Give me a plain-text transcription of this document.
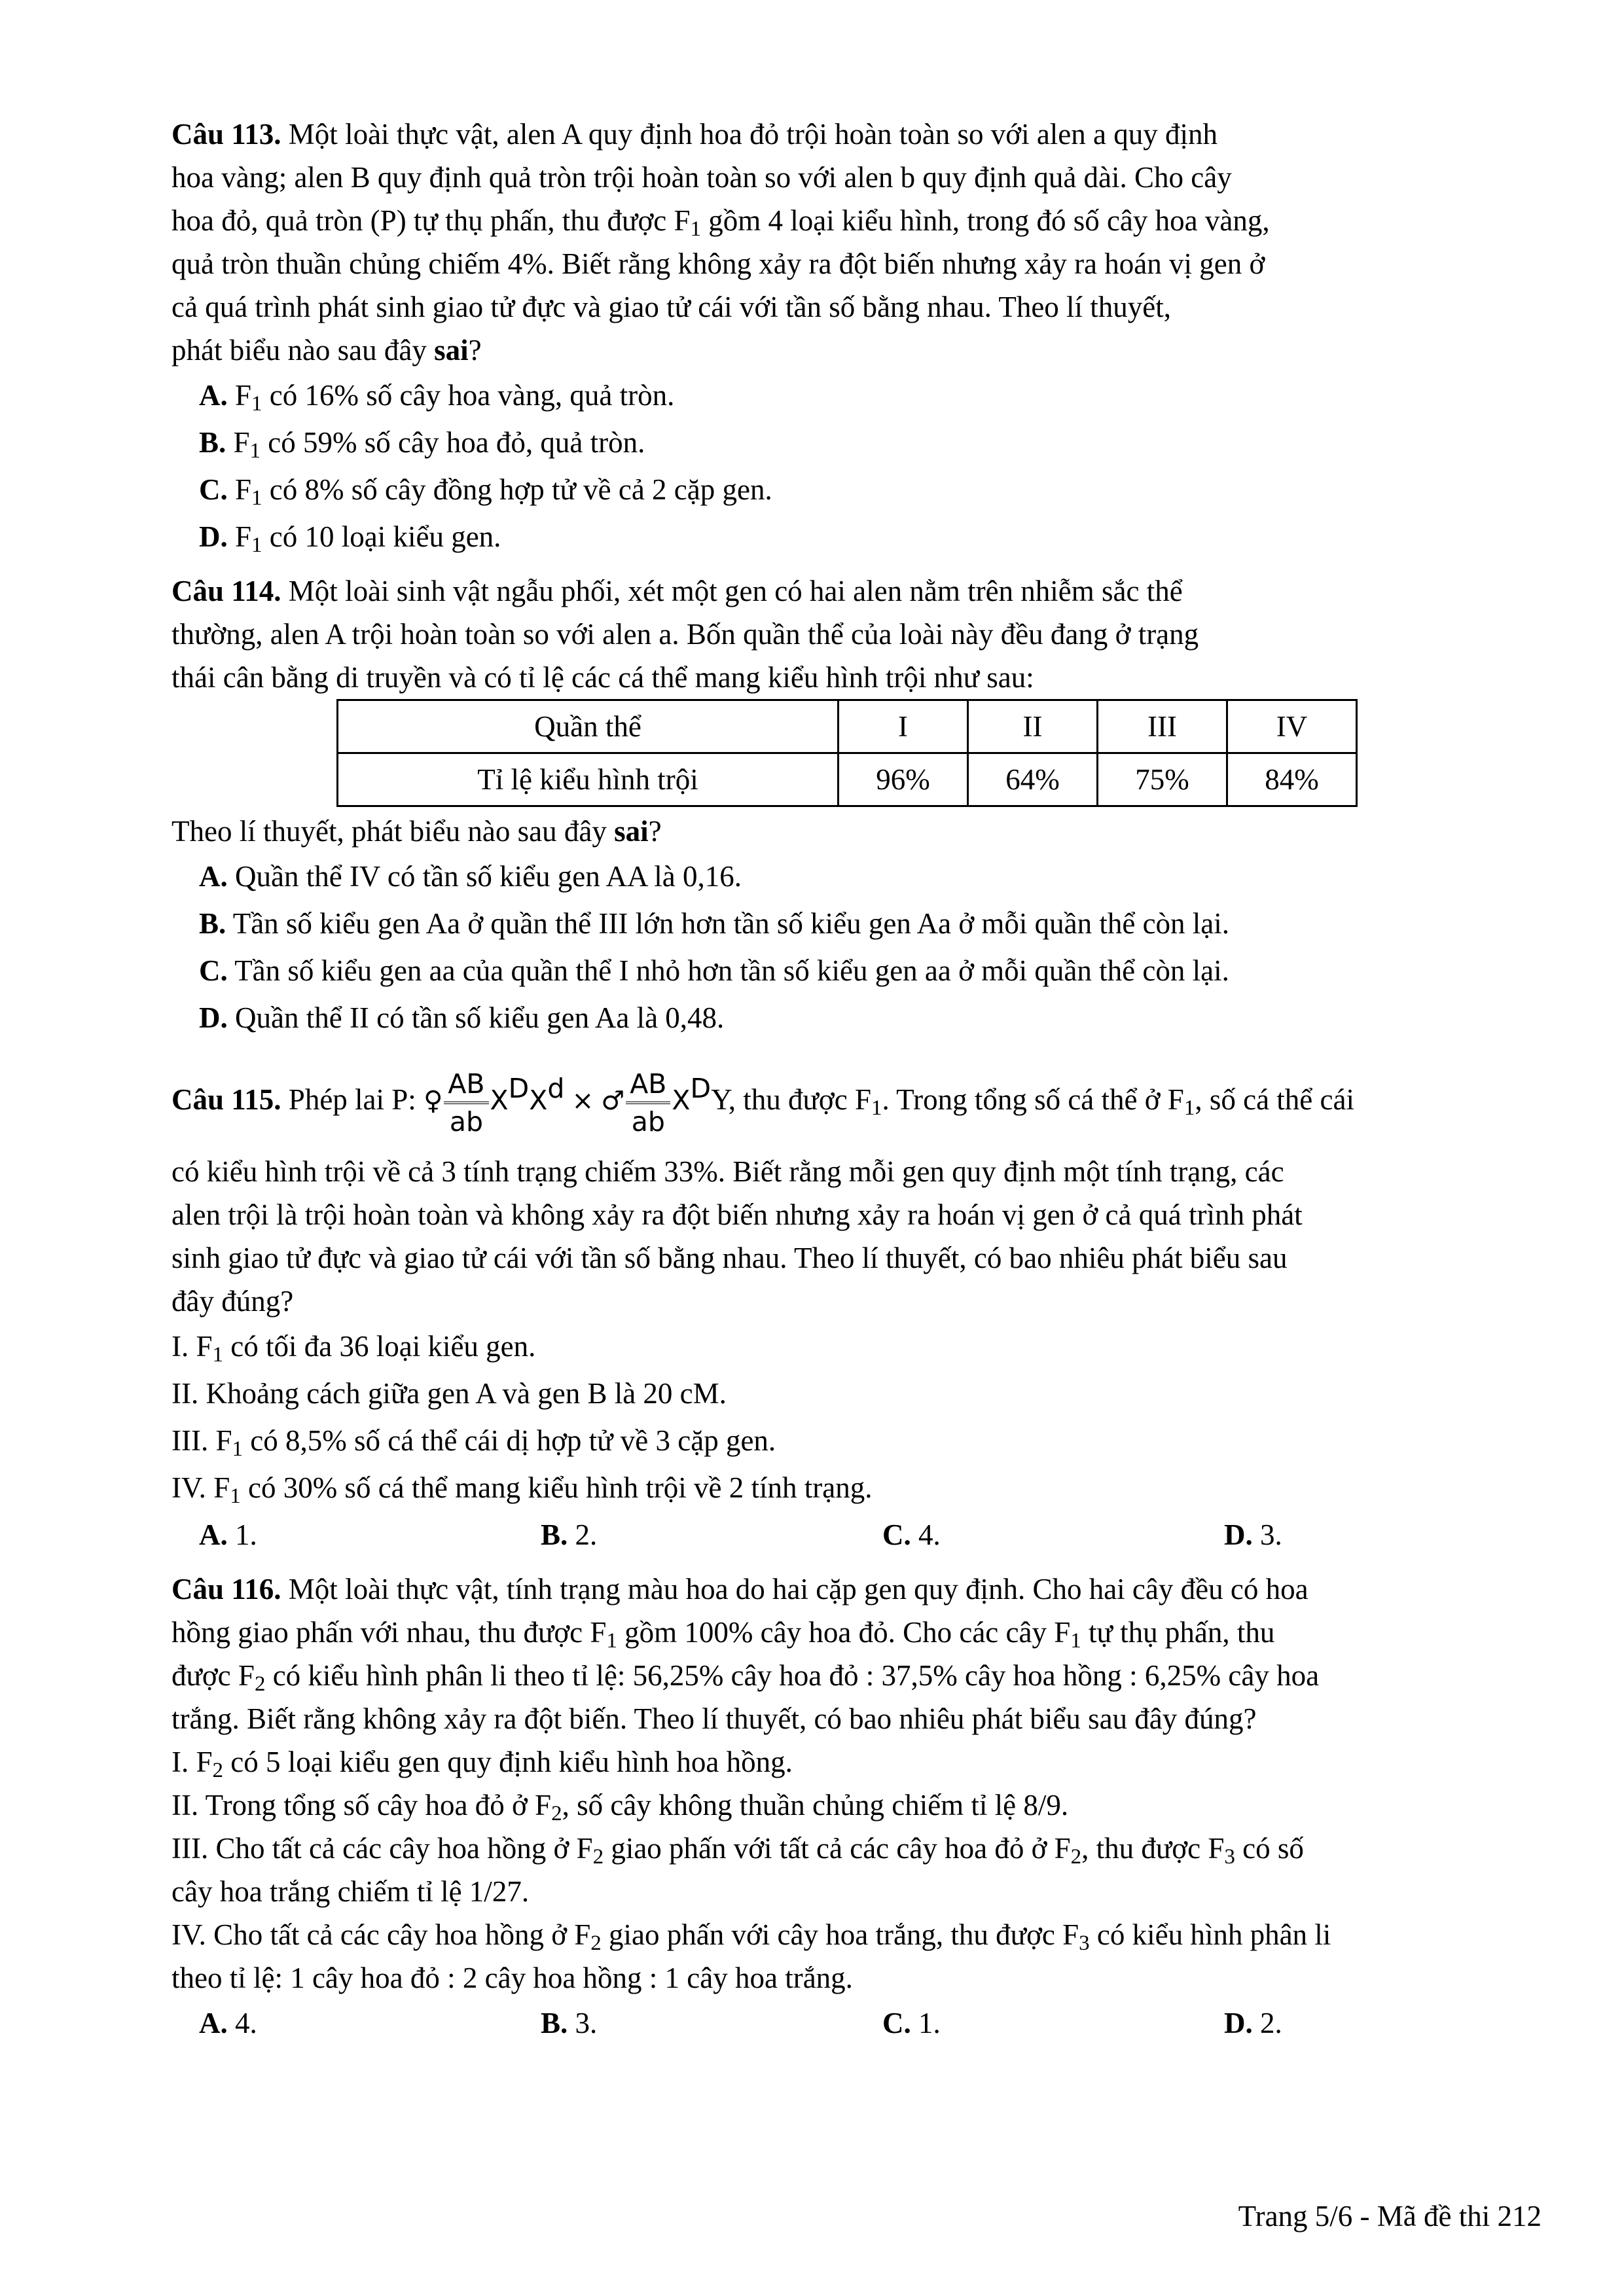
Câu 113. Một loài thực vật, alen A quy định hoa đỏ trội hoàn toàn so với alen a quy định

hoa vàng; alen B quy định quả tròn trội hoàn toàn so với alen b quy định quả dài. Cho cây

hoa đỏ, quả tròn (P) tự thụ phấn, thu được $F_1$ gồm 4 loại kiểu hình, trong đó số cây hoa vàng,

quả tròn thuần chủng chiếm 4%. Biết rằng không xảy ra đột biến nhưng xảy ra hoán vị gen ở

cả quá trình phát sinh giao tử đực và giao tử cái với tần số bằng nhau. Theo lí thuyết,

phát biểu nào sau đây sai?

A. $F_1$ có 16% số cây hoa vàng, quả tròn.

B. $F_1$ có 59% số cây hoa đỏ, quả tròn.

C. $F_1$ có 8% số cây đồng hợp tử về cả 2 cặp gen.

D. $F_1$ có 10 loại kiểu gen.

Câu 114. Một loài sinh vật ngẫu phối, xét một gen có hai alen nằm trên nhiễm sắc thể

thường, alen A trội hoàn toàn so với alen a. Bốn quần thể của loài này đều đang ở trạng

thái cân bằng di truyền và có tỉ lệ các cá thể mang kiểu hình trội như sau:

Quần thể	I	II	III	IV
Tỉ lệ kiểu hình trội	96%	64%	75%	84%

Theo lí thuyết, phát biểu nào sau đây sai?

A. Quần thể IV có tần số kiểu gen AA là 0,16.

B. Tần số kiểu gen Aa ở quần thể III lớn hơn tần số kiểu gen Aa ở mỗi quần thể còn lại.

C. Tần số kiểu gen aa của quần thể I nhỏ hơn tần số kiểu gen aa ở mỗi quần thể còn lại.

D. Quần thể II có tần số kiểu gen Aa là 0,48.

Câu 115. Phép lai P: ♀ $\frac{AB}{ab} X^DX^d$ × ♂ $\frac{AB}{ab} X^DY$, thu được $F_1$. Trong tổng số cá thể ở $F_1$, số cá thể cái

có kiểu hình trội về cả 3 tính trạng chiếm 33%. Biết rằng mỗi gen quy định một tính trạng, các

alen trội là trội hoàn toàn và không xảy ra đột biến nhưng xảy ra hoán vị gen ở cả quá trình phát

sinh giao tử đực và giao tử cái với tần số bằng nhau. Theo lí thuyết, có bao nhiêu phát biểu sau

đây đúng?

I. $F_1$ có tối đa 36 loại kiểu gen.

II. Khoảng cách giữa gen A và gen B là 20 cM.

III. $F_1$ có 8,5% số cá thể cái dị hợp tử về 3 cặp gen.

IV. $F_1$ có 30% số cá thể mang kiểu hình trội về 2 tính trạng.

A. 1.	B. 2.	C. 4.	D. 3.

Câu 116. Một loài thực vật, tính trạng màu hoa do hai cặp gen quy định. Cho hai cây đều có hoa

hồng giao phấn với nhau, thu được $F_1$ gồm 100% cây hoa đỏ. Cho các cây $F_1$ tự thụ phấn, thu

được $F_2$ có kiểu hình phân li theo tỉ lệ: 56,25% cây hoa đỏ : 37,5% cây hoa hồng : 6,25% cây hoa

trắng. Biết rằng không xảy ra đột biến. Theo lí thuyết, có bao nhiêu phát biểu sau đây đúng?

I. $F_2$ có 5 loại kiểu gen quy định kiểu hình hoa hồng.

II. Trong tổng số cây hoa đỏ ở $F_2$, số cây không thuần chủng chiếm tỉ lệ 8/9.

III. Cho tất cả các cây hoa hồng ở $F_2$ giao phấn với tất cả các cây hoa đỏ ở $F_2$, thu được $F_3$ có số

cây hoa trắng chiếm tỉ lệ 1/27.

IV. Cho tất cả các cây hoa hồng ở $F_2$ giao phấn với cây hoa trắng, thu được $F_3$ có kiểu hình phân li

theo tỉ lệ: 1 cây hoa đỏ : 2 cây hoa hồng : 1 cây hoa trắng.

A. 4.	B. 3.	C. 1.	D. 2.
Trang 5/6 - Mã đề thi 212
